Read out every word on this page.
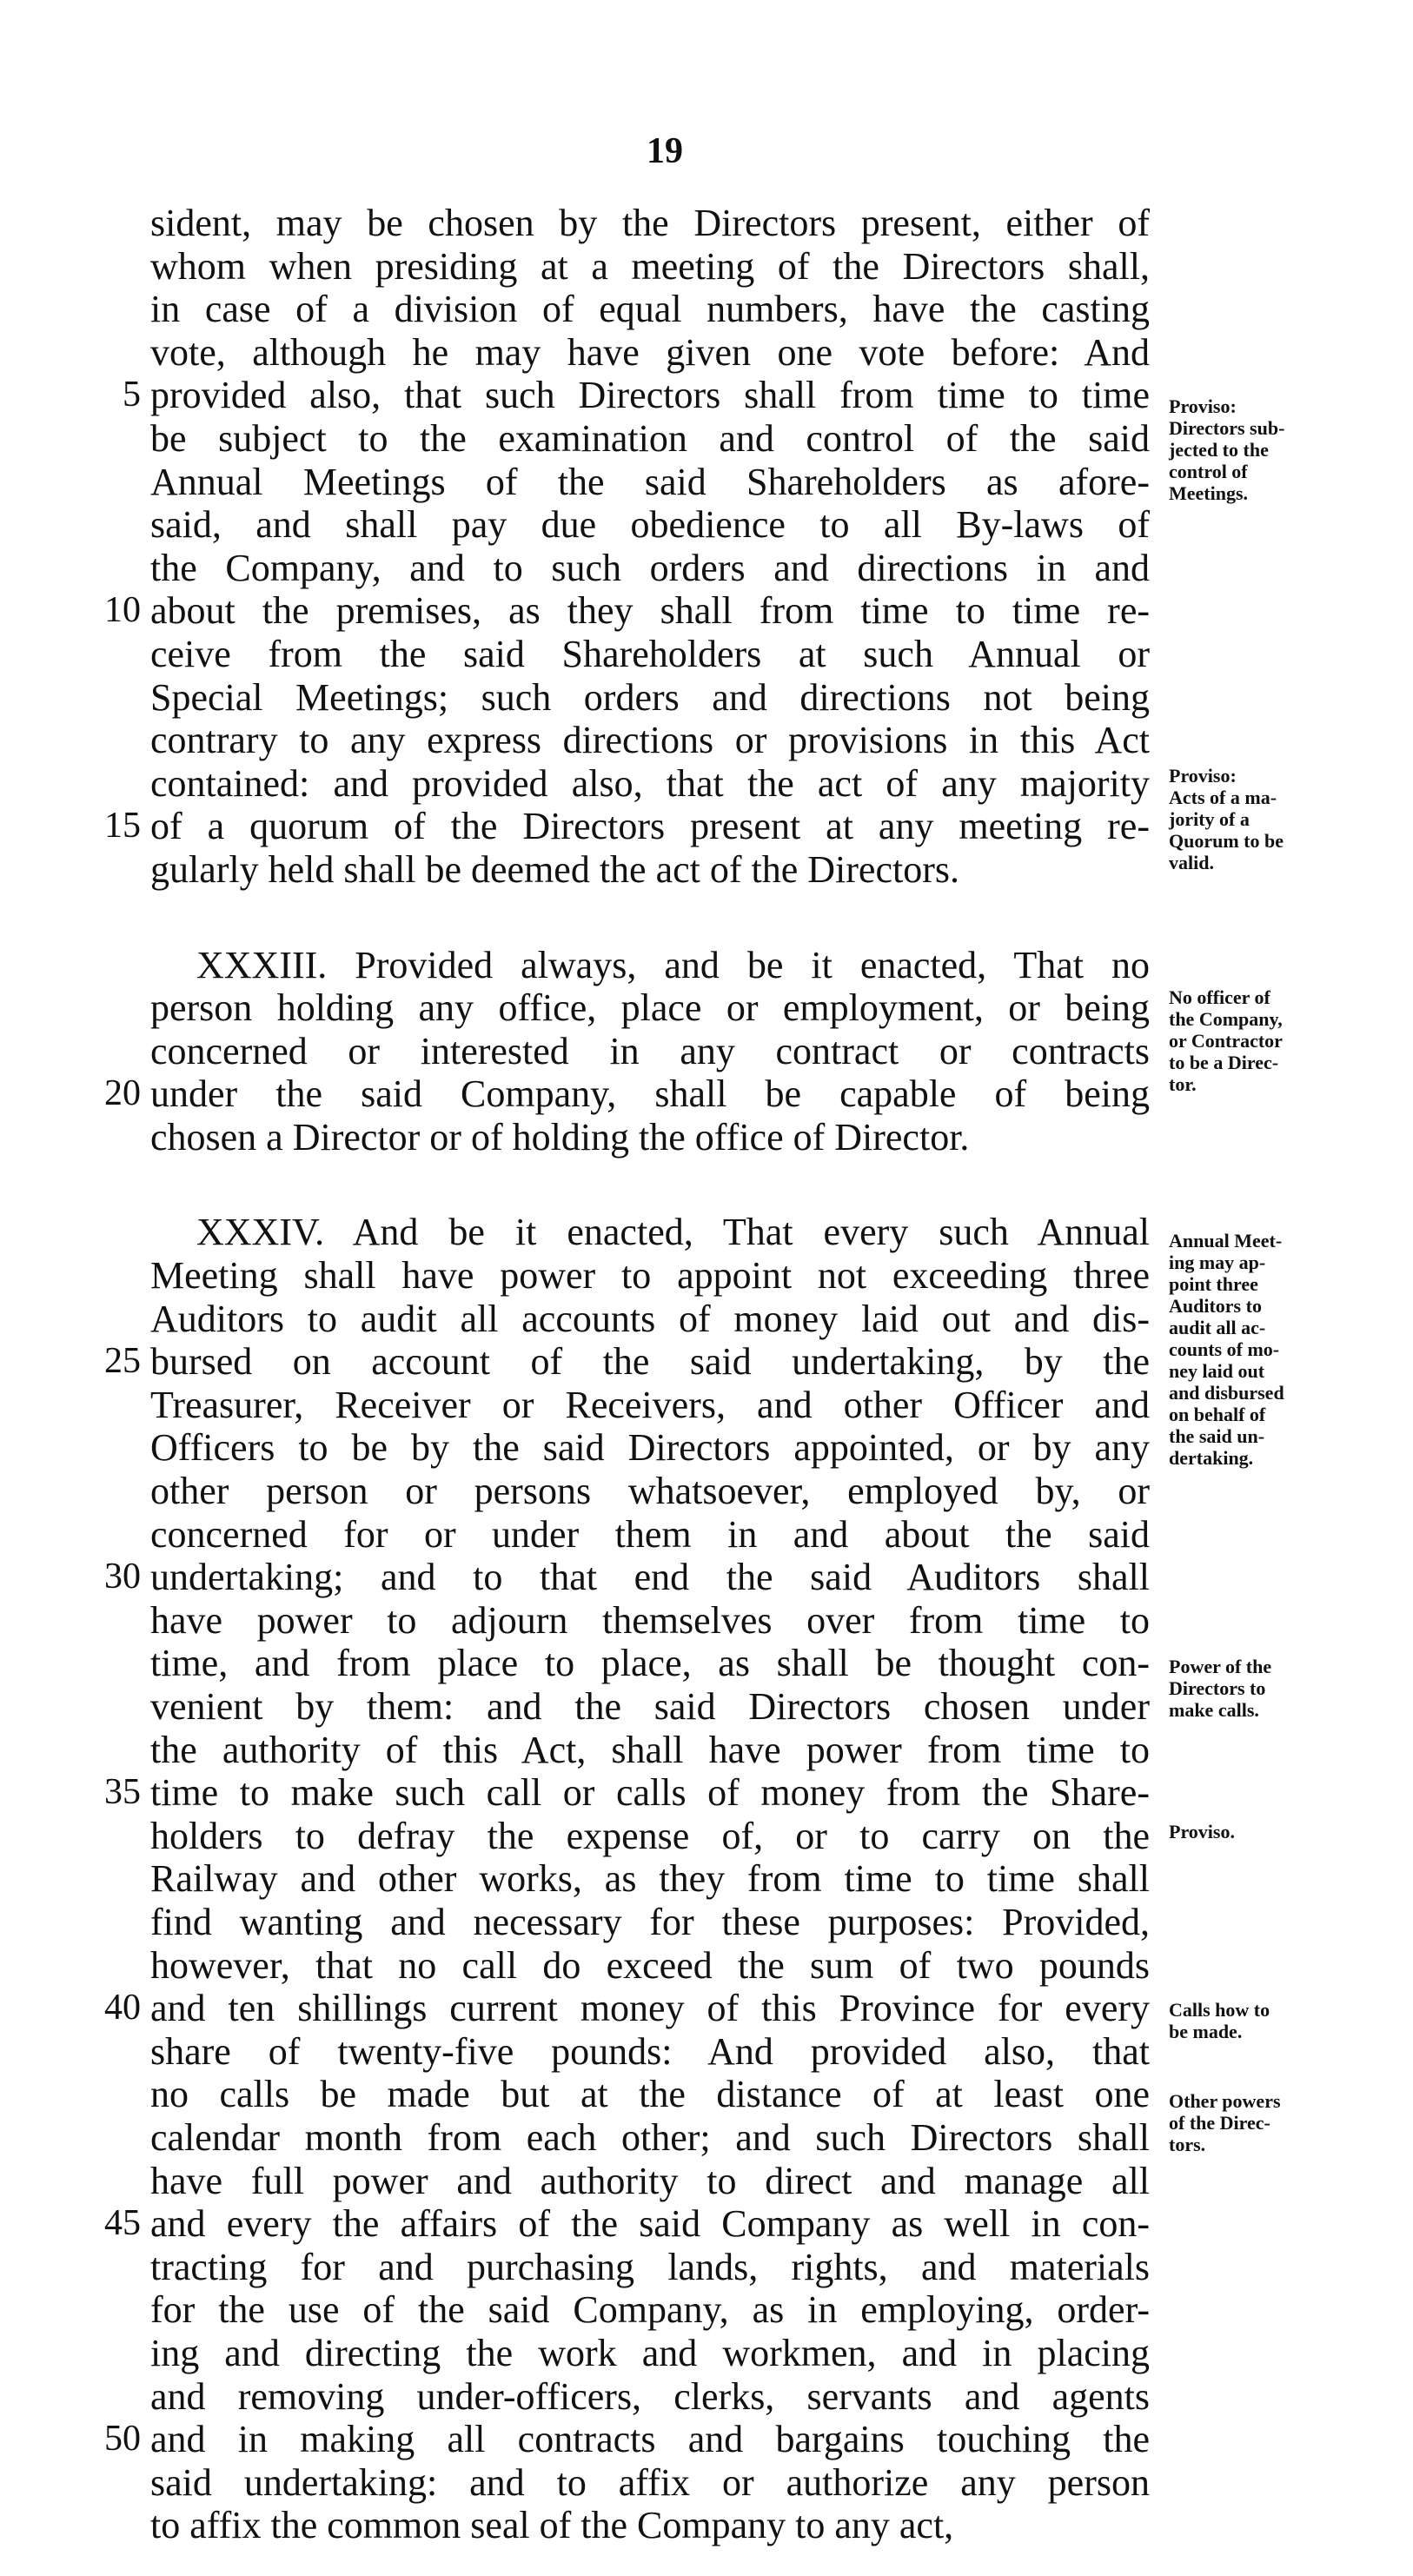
19
sident, may be chosen by the Directors present, either of
whom when presiding at a meeting of the Directors shall,
in case of a division of equal numbers, have the casting
vote, although he may have given one vote before: And
5 provided also, that such Directors shall from time to time
be subject to the examination and control of the said
Annual Meetings of the said Shareholders as afore-
said, and shall pay due obedience to all By-laws of
the Company, and to such orders and directions in and
10 about the premises, as they shall from time to time re-
ceive from the said Shareholders at such Annual or
Special Meetings; such orders and directions not being
contrary to any express directions or provisions in this Act
contained: and provided also, that the act of any majority
15 of a quorum of the Directors present at any meeting re-
gularly held shall be deemed the act of the Directors.
XXXIII. Provided always, and be it enacted, That no
person holding any office, place or employment, or being
concerned or interested in any contract or contracts
20 under the said Company, shall be capable of being
chosen a Director or of holding the office of Director.
XXXIV. And be it enacted, That every such Annual
Meeting shall have power to appoint not exceeding three
Auditors to audit all accounts of money laid out and dis-
25 bursed on account of the said undertaking, by the
Treasurer, Receiver or Receivers, and other Officer and
Officers to be by the said Directors appointed, or by any
other person or persons whatsoever, employed by, or
concerned for or under them in and about the said
30 undertaking; and to that end the said Auditors shall
have power to adjourn themselves over from time to
time, and from place to place, as shall be thought con-
venient by them: and the said Directors chosen under
the authority of this Act, shall have power from time to
35 time to make such call or calls of money from the Share-
holders to defray the expense of, or to carry on the
Railway and other works, as they from time to time shall
find wanting and necessary for these purposes: Provided,
however, that no call do exceed the sum of two pounds
40 and ten shillings current money of this Province for every
share of twenty-five pounds: And provided also, that
no calls be made but at the distance of at least one
calendar month from each other; and such Directors shall
have full power and authority to direct and manage all
45 and every the affairs of the said Company as well in con-
tracting for and purchasing lands, rights, and materials
for the use of the said Company, as in employing, order-
ing and directing the work and workmen, and in placing
and removing under-officers, clerks, servants and agents
50 and in making all contracts and bargains touching the
said undertaking: and to affix or authorize any person
to affix the common seal of the Company to any act,
Proviso:
Directors sub-
jected to the
control of
Meetings.
Proviso:
Acts of a ma-
jority of a
Quorum to be
valid.
No officer of
the Company,
or Contractor
to be a Direc-
tor.
Annual Meet-
ing may ap-
point three
Auditors to
audit all ac-
counts of mo-
ney laid out
and disbursed
on behalf of
the said un-
dertaking.
Power of the
Directors to
make calls.
Proviso.
Calls how to
be made.
Other powers
of the Direc-
tors.
